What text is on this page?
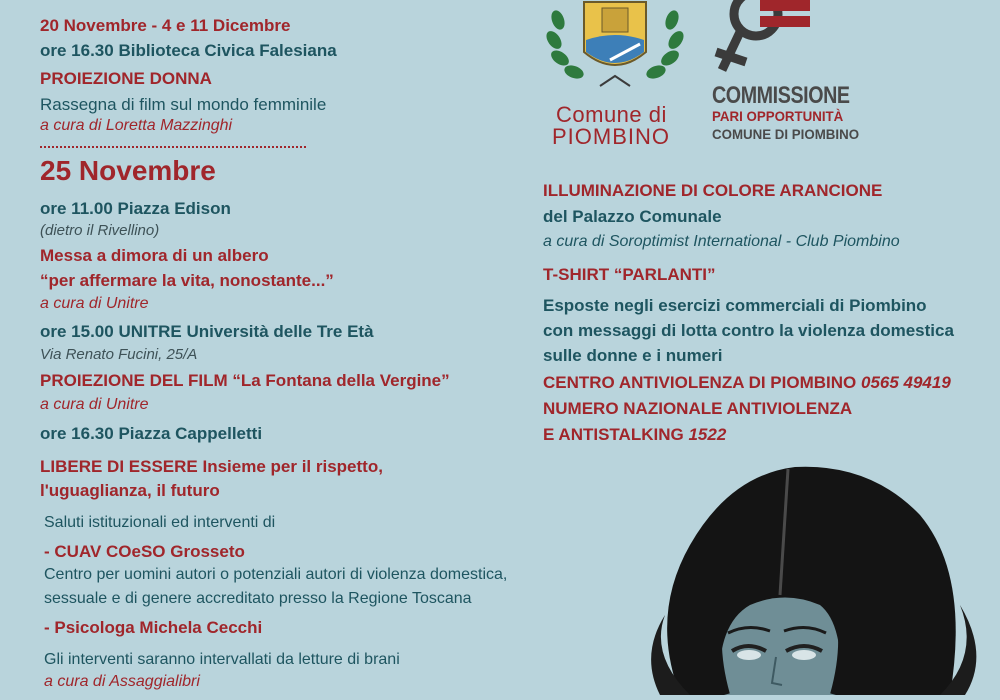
20 Novembre - 4 e 11 Dicembre
ore 16.30 Biblioteca Civica Falesiana
PROIEZIONE DONNA
Rassegna di film sul mondo femminile
a cura di Loretta Mazzinghi
25 Novembre
ore 11.00 Piazza Edison
(dietro il Rivellino)
Messa a dimora di un albero
“per affermare la vita, nonostante...”
a cura di Unitre
ore 15.00 UNITRE Università delle Tre Età
Via Renato Fucini, 25/A
PROIEZIONE DEL FILM “La Fontana della Vergine”
a cura di Unitre
ore 16.30 Piazza Cappelletti
LIBERE DI ESSERE Insieme per il rispetto,
l'uguaglianza, il futuro
Saluti istituzionali ed interventi di
- CUAV COeSO Grosseto
Centro per uomini autori o potenziali autori di violenza domestica,
sessuale e di genere accreditato presso la Regione Toscana
- Psicologa Michela Cecchi
Gli interventi saranno intervallati da letture di brani
a cura di Assaggialibri
Comune di
PIOMBINO
COMMISSIONE
PARI OPPORTUNITÀ
COMUNE DI PIOMBINO
ILLUMINAZIONE DI COLORE ARANCIONE
del Palazzo Comunale
a cura di Soroptimist International - Club Piombino
T-SHIRT “PARLANTI”
Esposte negli esercizi commerciali di Piombino
con messaggi di lotta contro la violenza domestica
sulle donne e i numeri
CENTRO ANTIVIOLENZA DI PIOMBINO 0565 49419
NUMERO NAZIONALE ANTIVIOLENZA
E ANTISTALKING 1522
